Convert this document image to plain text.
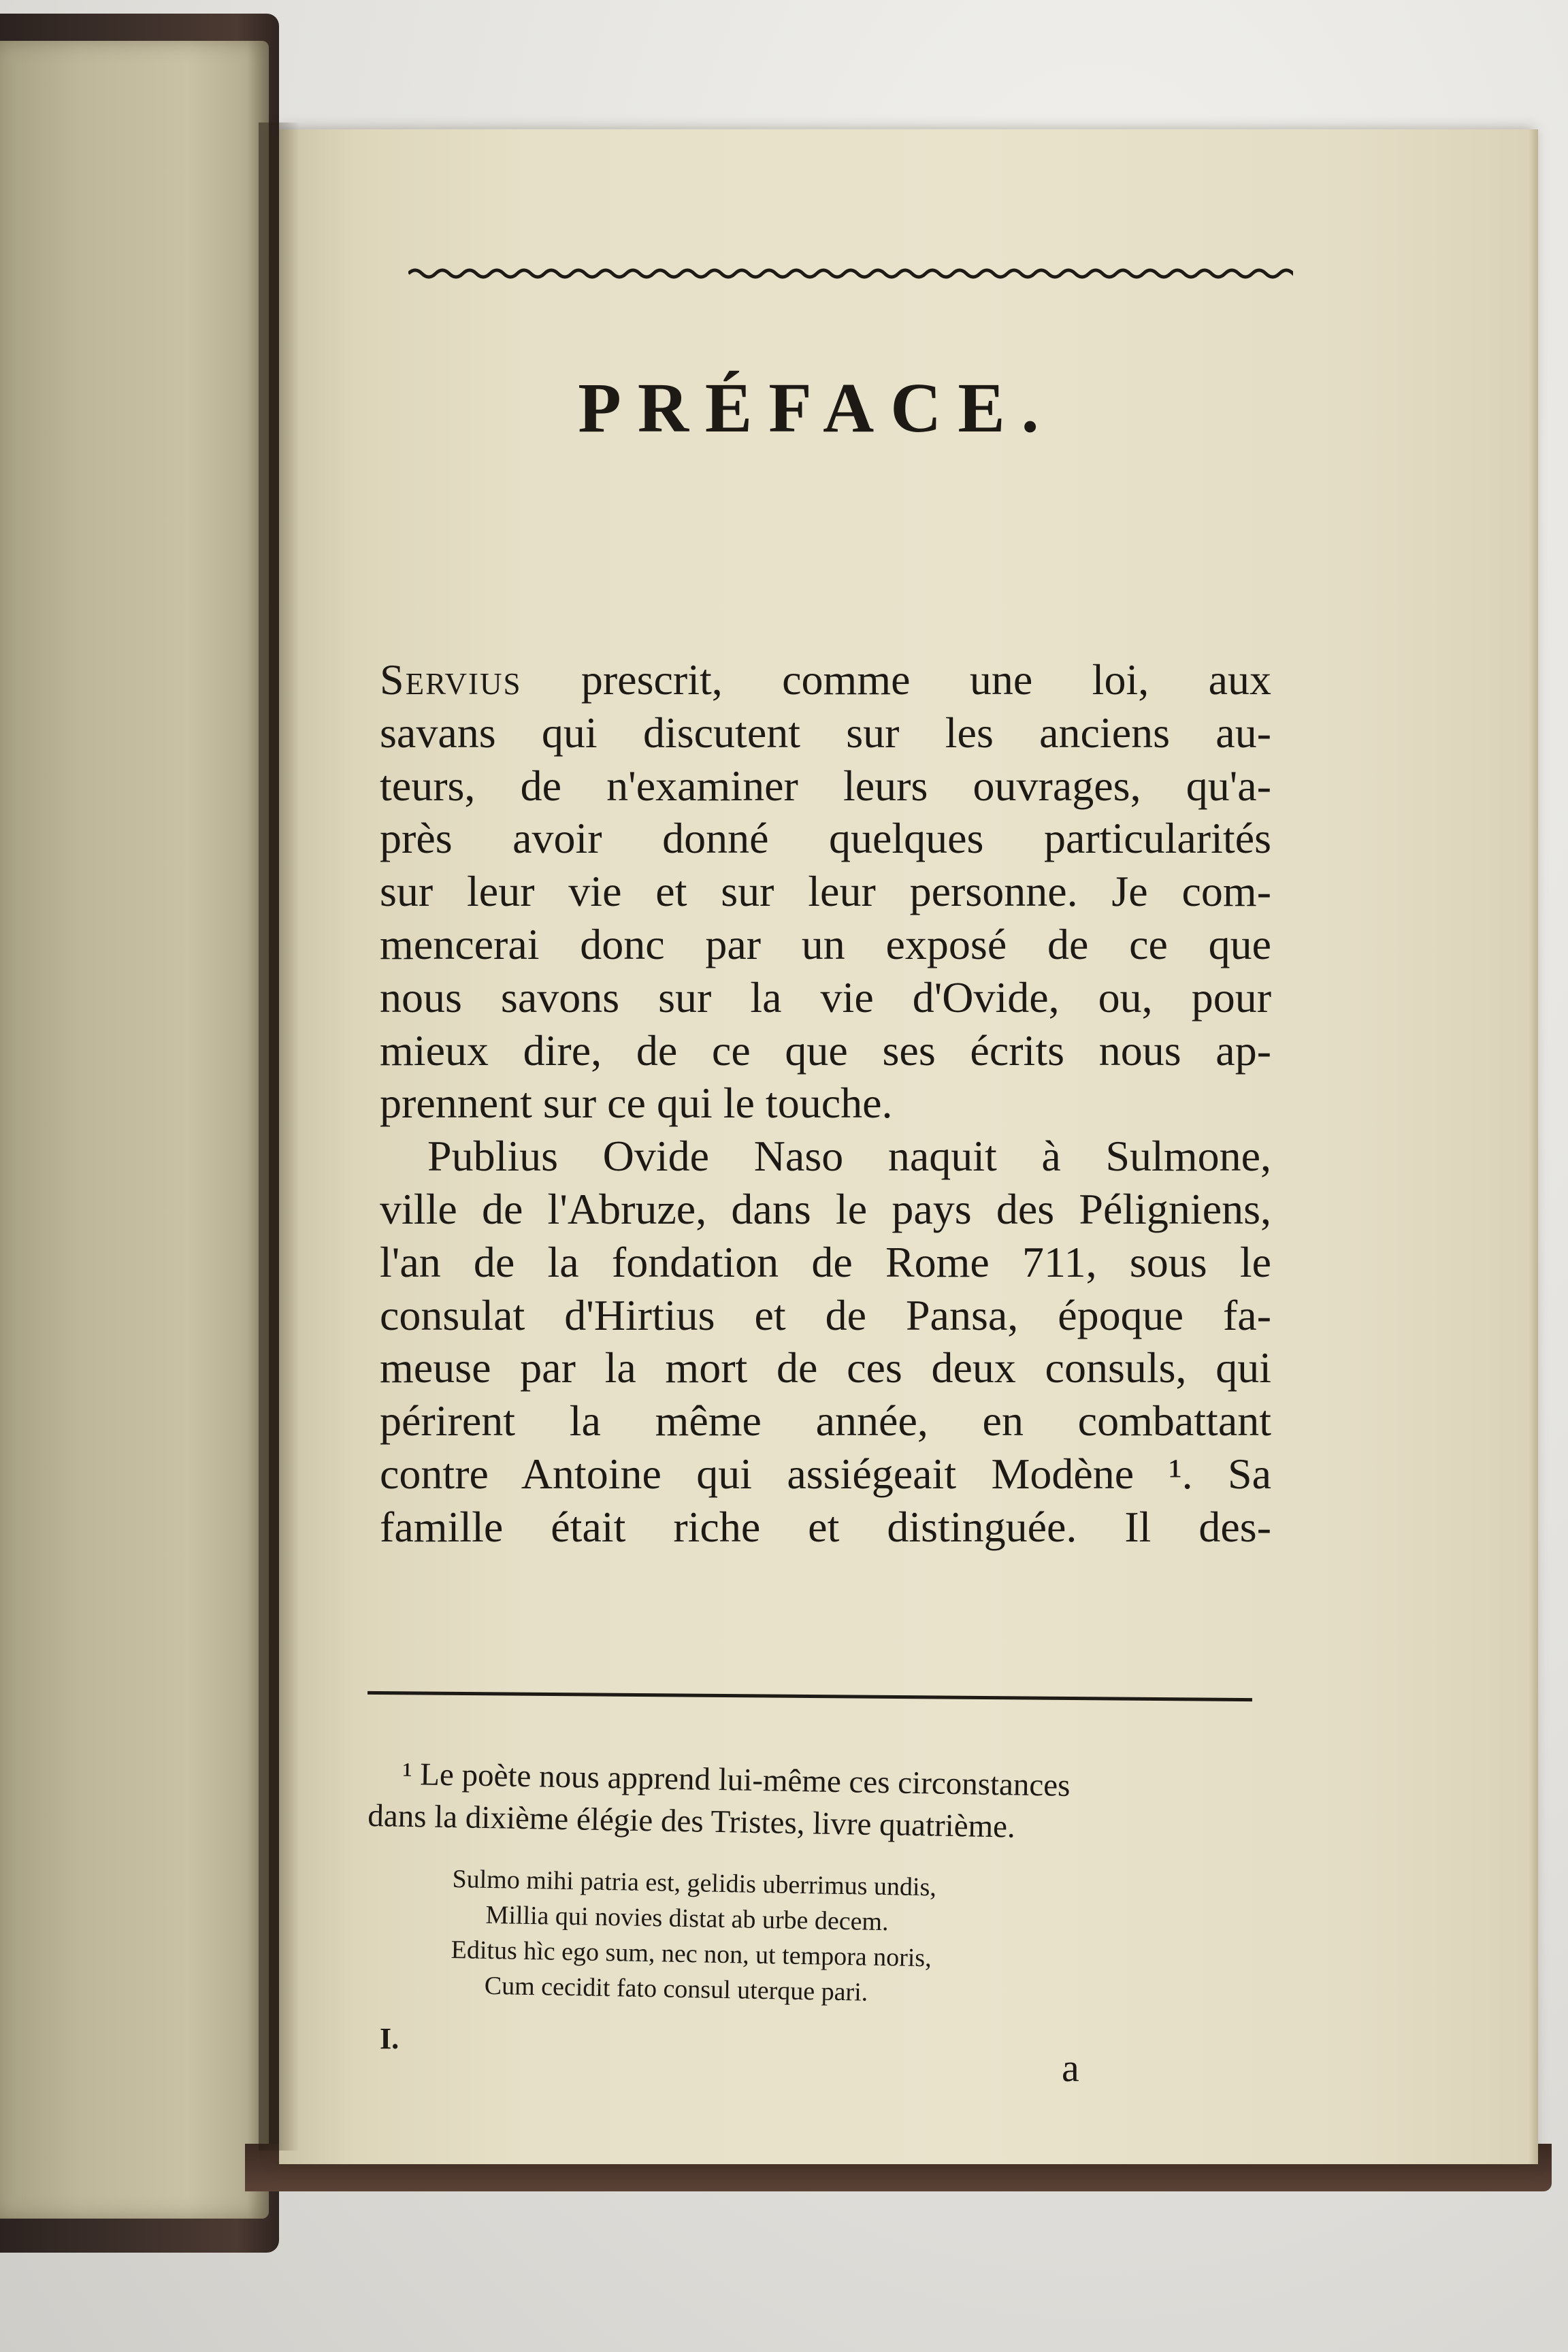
PRÉFACE.
Servius prescrit, comme une loi, aux
savans qui discutent sur les anciens au-
teurs, de n'examiner leurs ouvrages, qu'a-
près avoir donné quelques particularités
sur leur vie et sur leur personne. Je com-
mencerai donc par un exposé de ce que
nous savons sur la vie d'Ovide, ou, pour
mieux dire, de ce que ses écrits nous ap-
prennent sur ce qui le touche.
Publius Ovide Naso naquit à Sulmone,
ville de l'Abruze, dans le pays des Péligniens,
l'an de la fondation de Rome 711, sous le
consulat d'Hirtius et de Pansa, époque fa-
meuse par la mort de ces deux consuls, qui
périrent la même année, en combattant
contre Antoine qui assiégeait Modène ¹. Sa
famille était riche et distinguée. Il des-
¹ Le poète nous apprend lui-même ces circonstances
dans la dixième élégie des Tristes, livre quatrième.
Sulmo mihi patria est, gelidis uberrimus undis,
Millia qui novies distat ab urbe decem.
Editus hìc ego sum, nec non, ut tempora noris,
Cum cecidit fato consul uterque pari.
I.
a
